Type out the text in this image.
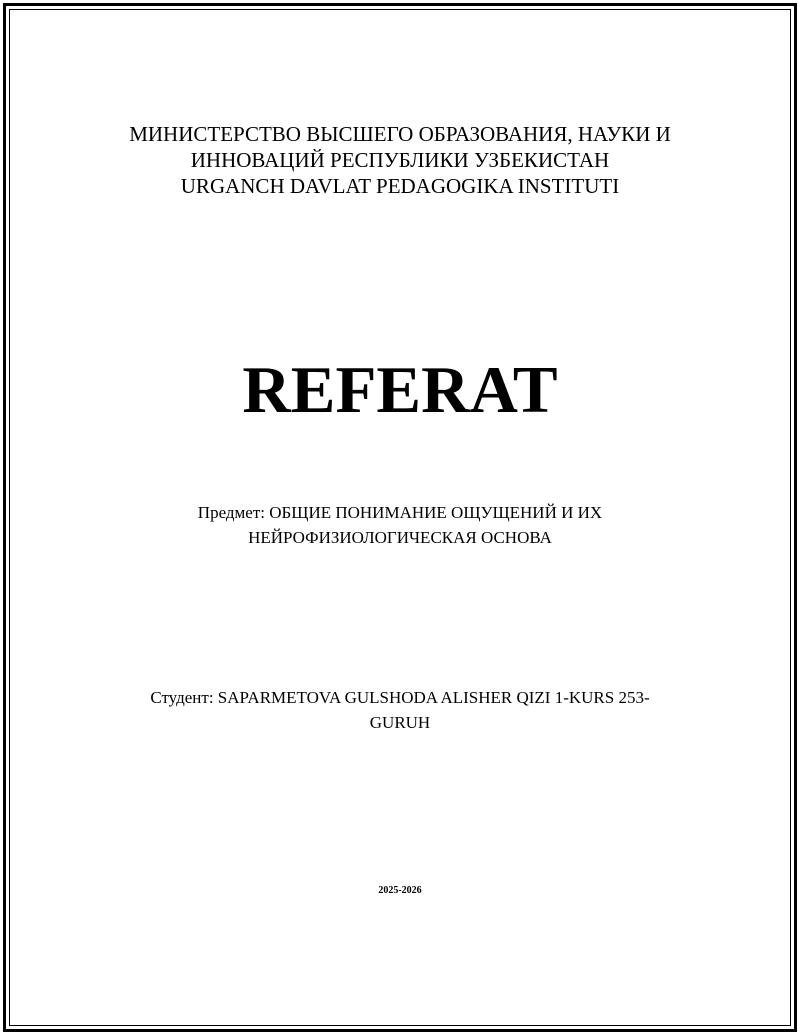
МИНИСТЕРСТВО ВЫСШЕГО ОБРАЗОВАНИЯ, НАУКИ И
ИННОВАЦИЙ РЕСПУБЛИКИ УЗБЕКИСТАН
URGANCH DAVLAT PEDAGOGIKA INSTITUTI
REFERAT
Предмет: ОБЩИЕ ПОНИМАНИЕ ОЩУЩЕНИЙ И ИХ
НЕЙРОФИЗИОЛОГИЧЕСКАЯ ОСНОВА
Студент: SAPARMETOVA GULSHODA ALISHER QIZI 1-KURS 253-
GURUH
2025-2026
